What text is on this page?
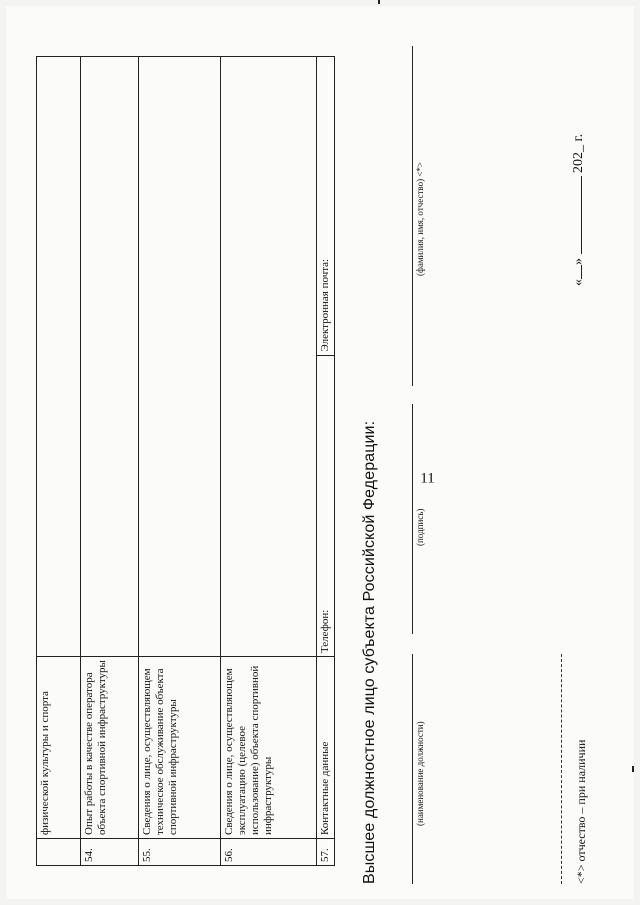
11
	физической культуры и спорта	
54.	Опыт работы в качестве оператора объекта спортивной инфраструктуры	
55.	Сведения о лице, осуществляющем техническое обслуживание объекта спортивной инфраструктуры	
56.	Сведения о лице, осуществляющем эксплуатацию (целевое использование) объекта спортивной инфраструктуры	
57.	Контактные данные	Телефон:
Электронная почта:
Высшее должностное лицо субъекта Российской Федерации:	(наименование должности)
(подпись)
(фамилия, имя, отчество) <*>
«»  202_ г.
<*> отчество – при наличии
